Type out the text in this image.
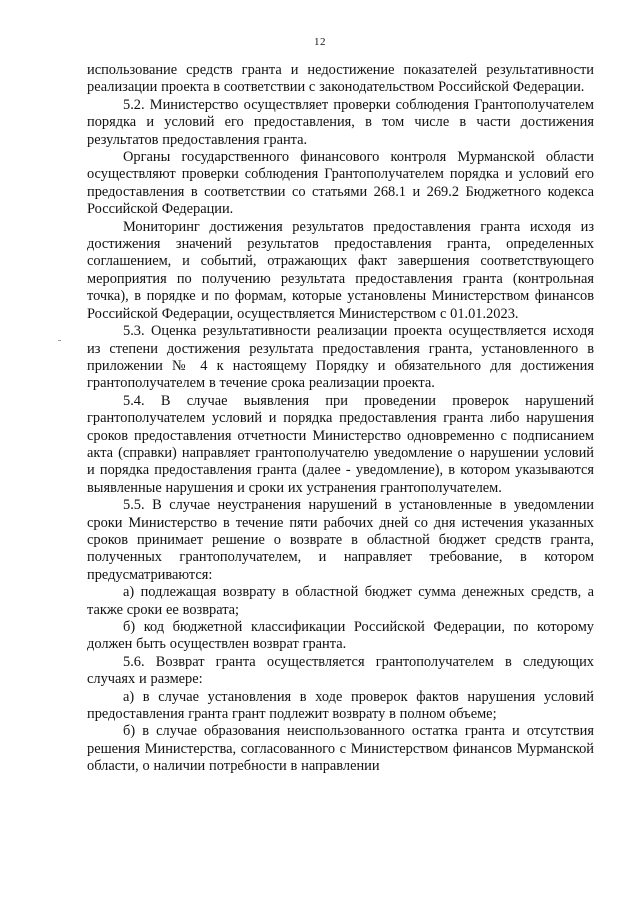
12

использование средств гранта и недостижение показателей результативности реализации проекта в соответствии с законодательством Российской Федерации.

5.2. Министерство осуществляет проверки соблюдения Грантополучателем порядка и условий его предоставления, в том числе в части достижения результатов предоставления гранта.

Органы государственного финансового контроля Мурманской области осуществляют проверки соблюдения Грантополучателем порядка и условий его предоставления в соответствии со статьями 268.1 и 269.2 Бюджетного кодекса Российской Федерации.

Мониторинг достижения результатов предоставления гранта исходя из достижения значений результатов предоставления гранта, определенных соглашением, и событий, отражающих факт завершения соответствующего мероприятия по получению результата предоставления гранта (контрольная точка), в порядке и по формам, которые установлены Министерством финансов Российской Федерации, осуществляется Министерством с 01.01.2023.

5.3. Оценка результативности реализации проекта осуществляется исходя из степени достижения результата предоставления гранта, установленного в приложении № 4 к настоящему Порядку и обязательного для достижения грантополучателем в течение срока реализации проекта.

5.4. В случае выявления при проведении проверок нарушений грантополучателем условий и порядка предоставления гранта либо нарушения сроков предоставления отчетности Министерство одновременно с подписанием акта (справки) направляет грантополучателю уведомление о нарушении условий и порядка предоставления гранта (далее - уведомление), в котором указываются выявленные нарушения и сроки их устранения грантополучателем.

5.5. В случае неустранения нарушений в установленные в уведомлении сроки Министерство в течение пяти рабочих дней со дня истечения указанных сроков принимает решение о возврате в областной бюджет средств гранта, полученных грантополучателем, и направляет требование, в котором предусматриваются:

а) подлежащая возврату в областной бюджет сумма денежных средств, а также сроки ее возврата;

б) код бюджетной классификации Российской Федерации, по которому должен быть осуществлен возврат гранта.

5.6. Возврат гранта осуществляется грантополучателем в следующих случаях и размере:

а) в случае установления в ходе проверок фактов нарушения условий предоставления гранта грант подлежит возврату в полном объеме;

б) в случае образования неиспользованного остатка гранта и отсутствия решения Министерства, согласованного с Министерством финансов Мурманской области, о наличии потребности в направлении
